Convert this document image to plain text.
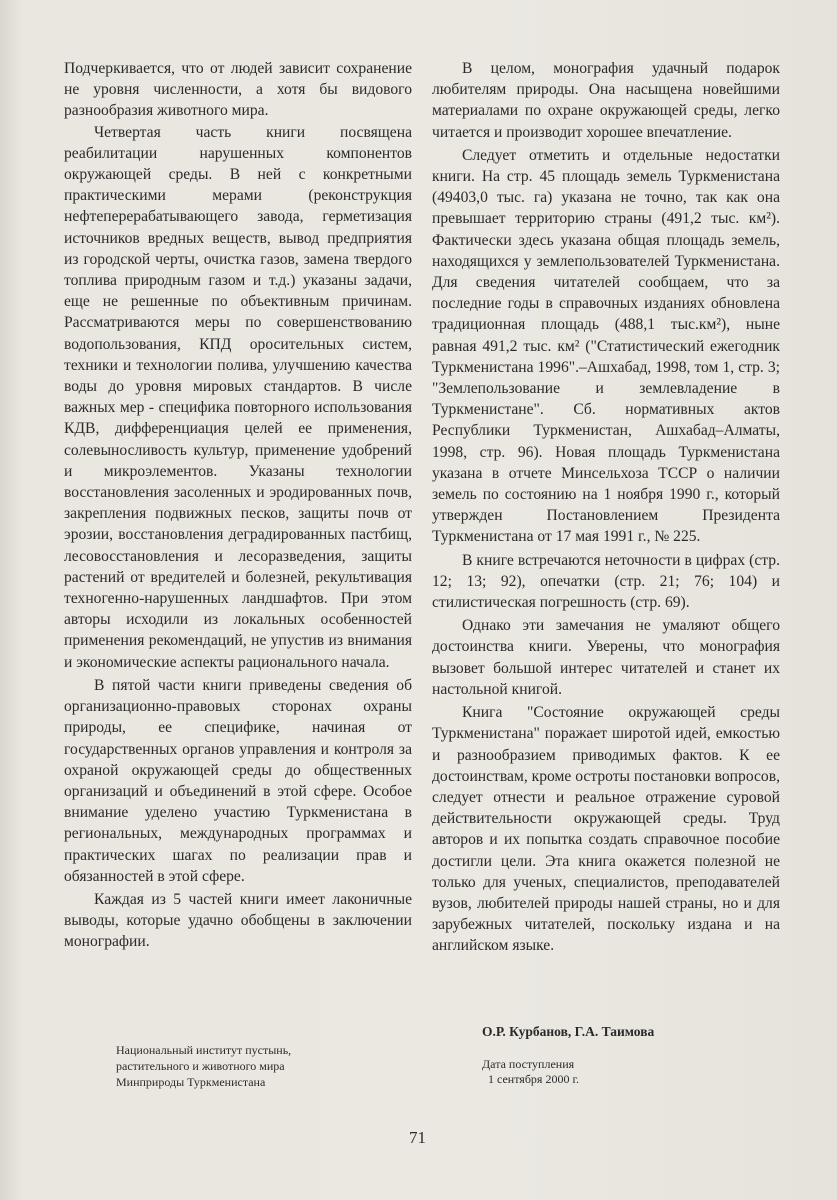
Подчеркивается, что от людей зависит сохранение не уровня численности, а хотя бы видового разнообразия животного мира.

Четвертая часть книги посвящена реабилитации нарушенных компонентов окружающей среды. В ней с конкретными практическими мерами (реконструкция нефтеперерабатывающего завода, герметизация источников вредных веществ, вывод предприятия из городской черты, очистка газов, замена твердого топлива природным газом и т.д.) указаны задачи, еще не решенные по объективным причинам. Рассматриваются меры по совершенствованию водопользования, КПД оросительных систем, техники и технологии полива, улучшению качества воды до уровня мировых стандартов. В числе важных мер - специфика повторного использования КДВ, дифференциация целей ее применения, солевыносливость культур, применение удобрений и микроэлементов. Указаны технологии восстановления засоленных и эродированных почв, закрепления подвижных песков, защиты почв от эрозии, восстановления деградированных пастбищ, лесовосстановления и лесоразведения, защиты растений от вредителей и болезней, рекультивация техногенно-нарушенных ландшафтов. При этом авторы исходили из локальных особенностей применения рекомендаций, не упустив из внимания и экономические аспекты рационального начала.

В пятой части книги приведены сведения об организационно-правовых сторонах охраны природы, ее специфике, начиная от государственных органов управления и контроля за охраной окружающей среды до общественных организаций и объединений в этой сфере. Особое внимание уделено участию Туркменистана в региональных, международных программах и практических шагах по реализации прав и обязанностей в этой сфере.

Каждая из 5 частей книги имеет лаконичные выводы, которые удачно обобщены в заключении монографии.

В целом, монография удачный подарок любителям природы. Она насыщена новейшими материалами по охране окружающей среды, легко читается и производит хорошее впечатление.

Следует отметить и отдельные недостатки книги. На стр. 45 площадь земель Туркменистана (49403,0 тыс. га) указана не точно, так как она превышает территорию страны (491,2 тыс. км²). Фактически здесь указана общая площадь земель, находящихся у землепользователей Туркменистана. Для сведения читателей сообщаем, что за последние годы в справочных изданиях обновлена традиционная площадь (488,1 тыс.км²), ныне равная 491,2 тыс. км² ("Статистический ежегодник Туркменистана 1996".–Ашхабад, 1998, том 1, стр. 3; "Землепользование и землевладение в Туркменистане". Сб. нормативных актов Республики Туркменистан, Ашхабад–Алматы, 1998, стр. 96). Новая площадь Туркменистана указана в отчете Минсельхоза ТССР о наличии земель по состоянию на 1 ноября 1990 г., который утвержден Постановлением Президента Туркменистана от 17 мая 1991 г., № 225.

В книге встречаются неточности в цифрах (стр. 12; 13; 92), опечатки (стр. 21; 76; 104) и стилистическая погрешность (стр. 69).

Однако эти замечания не умаляют общего достоинства книги. Уверены, что монография вызовет большой интерес читателей и станет их настольной книгой.

Книга "Состояние окружающей среды Туркменистана" поражает широтой идей, емкостью и разнообразием приводимых фактов. К ее достоинствам, кроме остроты постановки вопросов, следует отнести и реальное отражение суровой действительности окружающей среды. Труд авторов и их попытка создать справочное пособие достигли цели. Эта книга окажется полезной не только для ученых, специалистов, преподавателей вузов, любителей природы нашей страны, но и для зарубежных читателей, поскольку издана и на английском языке.

Национальный институт пустынь,
растительного и животного мира
Минприроды Туркменистана
О.Р. Курбанов, Г.А. Таимова
Дата поступления
1 сентября 2000 г.
71
